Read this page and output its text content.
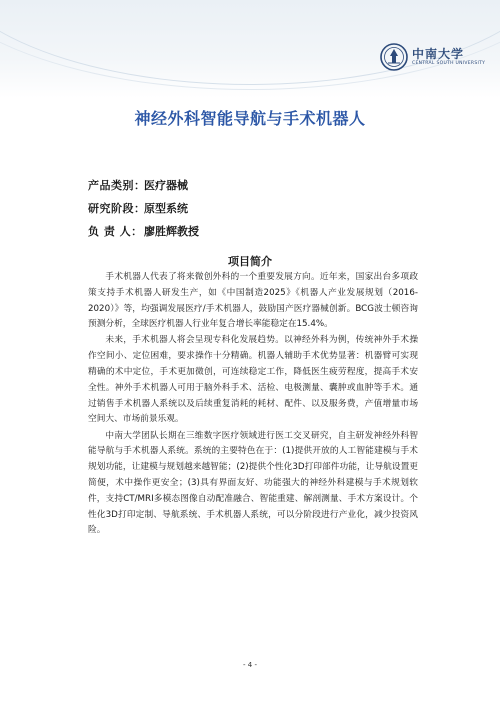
中南大学
CENTRAL SOUTH UNIVERSITY
神经外科智能导航与手术机器人
产品类别：医疗器械
研究阶段：原型系统
负 责 人：廖胜辉教授
项目简介

手术机器人代表了将来微创外科的一个重要发展方向。近年来，国家出台多项政策支持手术机器人研发生产，如《中国制造2025》《机器人产业发展规划（2016-2020）》等，均强调发展医疗/手术机器人，鼓励国产医疗器械创新。BCG波士顿咨询预测分析，全球医疗机器人行业年复合增长率能稳定在15.4%。

未来，手术机器人将会呈现专科化发展趋势。以神经外科为例，传统神外手术操作空间小、定位困难，要求操作十分精确。机器人辅助手术优势显著：机器臂可实现精确的术中定位，手术更加微创，可连续稳定工作，降低医生疲劳程度，提高手术安全性。神外手术机器人可用于脑外科手术、活检、电极测量、囊肿或血肿等手术。通过销售手术机器人系统以及后续重复消耗的耗材、配件、以及服务费，产值增量市场空间大、市场前景乐观。

中南大学团队长期在三维数字医疗领域进行医工交叉研究，自主研发神经外科智能导航与手术机器人系统。系统的主要特色在于：(1)提供开放的人工智能建模与手术规划功能，让建模与规划越来越智能；(2)提供个性化3D打印部件功能，让导航设置更简便，术中操作更安全；(3)具有界面友好、功能强大的神经外科建模与手术规划软件，支持CT/MRI多模态图像自动配准融合、智能重建、解剖测量、手术方案设计。个性化3D打印定制、导航系统、手术机器人系统，可以分阶段进行产业化，减少投资风险。

- 4 -
